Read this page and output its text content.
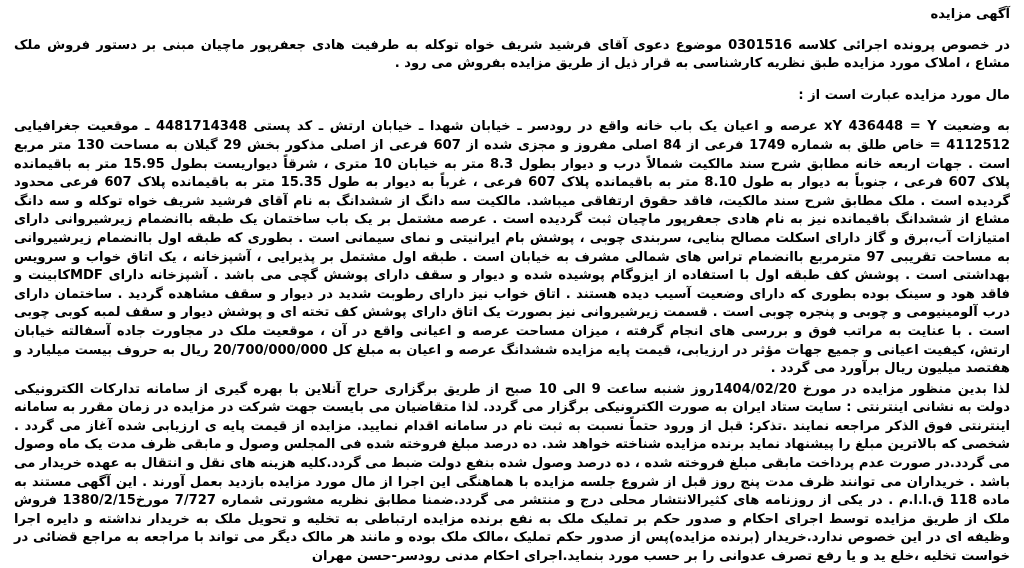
آگهی مزایده

در خصوص پرونده اجرائی کلاسه 0301516 موضوع دعوی آقای فرشید شریف خواه توکله به طرفیت هادی جعفرپور ماچیان مبنی بر دستور فروش ملک مشاع ، املاک مورد مزایده طبق نظریه کارشناسی به قرار ذیل از طریق مزایده بفروش می رود .

مال مورد مزایده عبارت است از :

به وضعیت xY 436448 = Y عرصه و اعیان یک باب خانه واقع در رودسر ـ خیابان شهدا ـ خیابان ارتش ـ کد پستی 4481714348 ـ موقعیت جغرافیایی 4112512 = خاص طلق به شماره 1749 فرعی از 84 اصلی مفروز و مجزی شده از 607 فرعی از اصلی مذکور بخش 29 گیلان به مساحت 130 متر مربع است . جهات اربعه خانه مطابق شرح سند مالکیت شمالاً درب و دیوار بطول 8.3 متر به خیابان 10 متری ، شرقاً دیواریست بطول 15.95 متر به باقیمانده پلاک 607 فرعی ، جنوباً به دیوار به طول 8.10 متر به باقیمانده پلاک 607 فرعی ، غرباً به دیوار به طول 15.35 متر به باقیمانده پلاک 607 فرعی محدود گردیده است . ملک مطابق شرح سند مالکیت، فاقد حقوق ارتفاقی میباشد. مالکیت سه دانگ از ششدانگ به نام آقای فرشید شریف خواه توکله و سه دانگ مشاع از ششدانگ باقیمانده نیز به نام هادی جعفرپور ماچیان ثبت گردیده است . عرصه مشتمل بر یک باب ساختمان یک طبقه باانضمام زیرشیروانی دارای امتیازات آب،برق و گاز دارای اسکلت مصالح بنایی، سربندی چوبی ، پوشش بام ایرانیتی و نمای سیمانی است . بطوری که طبقه اول باانضمام زیرشیروانی به مساحت تقریبی 97 مترمربع باانضمام تراس های شمالی مشرف به خیابان است . طبقه اول مشتمل بر پذیرایی ، آشپزخانه ، یک اتاق خواب و سرویس بهداشتی است . پوشش کف طبقه اول با استفاده از ایزوگام پوشیده شده و دیوار و سقف دارای پوشش گچی می باشد . آشپزخانه دارای MDFکابینت و فاقد هود و سینک بوده بطوری که دارای وضعیت آسیب دیده هستند . اتاق خواب نیز دارای رطوبت شدید در دیوار و سقف مشاهده گردید . ساختمان دارای درب آلومینیومی و چوبی و پنجره چوبی است . قسمت زیرشیروانی نیز بصورت یک اتاق دارای پوشش کف تخته ای و پوشش دیوار و سقف لمبه کوبی چوبی است . با عنایت به مراتب فوق و بررسی های انجام گرفته ، میزان مساحت عرصه و اعیانی واقع در آن ، موقعیت ملک در مجاورت جاده آسفالته خیابان ارتش، کیفیت اعیانی و جمیع جهات مؤثر در ارزیابی، قیمت پایه مزایده ششدانگ عرصه و اعیان به مبلغ کل 20/700/000/000 ریال به حروف بیست میلیارد و هفتصد میلیون ریال برآورد می گردد .

لذا بدین منظور مزایده در مورخ 1404/02/20روز شنبه ساعت 9 الی 10 صبح از طریق برگزاری حراج آنلاین با بهره گیری از سامانه تدارکات الکترونیکی دولت به نشانی اینترنتی : سایت ستاد ایران به صورت الکترونیکی برگزار می گردد. لذا متقاضیان می بایست جهت شرکت در مزایده در زمان مقرر به سامانه اینترنتی فوق الذکر مراجعه نمایند .تذکر: قبل از ورود حتماً نسبت به ثبت نام در سامانه اقدام نمایید. مزایده از قیمت پایه ی ارزیابی شده آغاز می گردد . شخصی که بالاترین مبلغ را پیشنهاد نماید برنده مزایده شناخته خواهد شد. ده درصد مبلغ فروخته شده فی المجلس وصول و مابقی ظرف مدت یک ماه وصول می گردد.در صورت عدم پرداخت مابقی مبلغ فروخته شده ، ده درصد وصول شده بنفع دولت ضبط می گردد.کلیه هزینه های نقل و انتقال به عهده خریدار می باشد . خریداران می توانند ظرف مدت پنج روز قبل از شروع جلسه مزایده با هماهنگی این اجرا از مال مورد مزایده بازدید بعمل آورند . این آگهی مستند به ماده 118 ق.ا.ا.م . در یکی از روزنامه های کثیرالانتشار محلی درج و منتشر می گردد.ضمنا مطابق نظریه مشورتی شماره 7/727 مورخ1380/2/15 فروش ملک از طریق مزایده توسط اجرای احکام و صدور حکم بر تملیک ملک به نفع برنده مزایده ارتباطی به تخلیه و تحویل ملک به خریدار نداشته و دایره اجرا وظیفه ای در این خصوص ندارد.خریدار (برنده مزایده)پس از صدور حکم تملیک ،مالک ملک بوده و مانند هر مالک دیگر می تواند با مراجعه به مراجع قضائی در خواست تخلیه ،خلع ید و یا رفع تصرف عدوانی را بر حسب مورد بنماید.اجرای احکام مدنی رودسر-حسن مهران
